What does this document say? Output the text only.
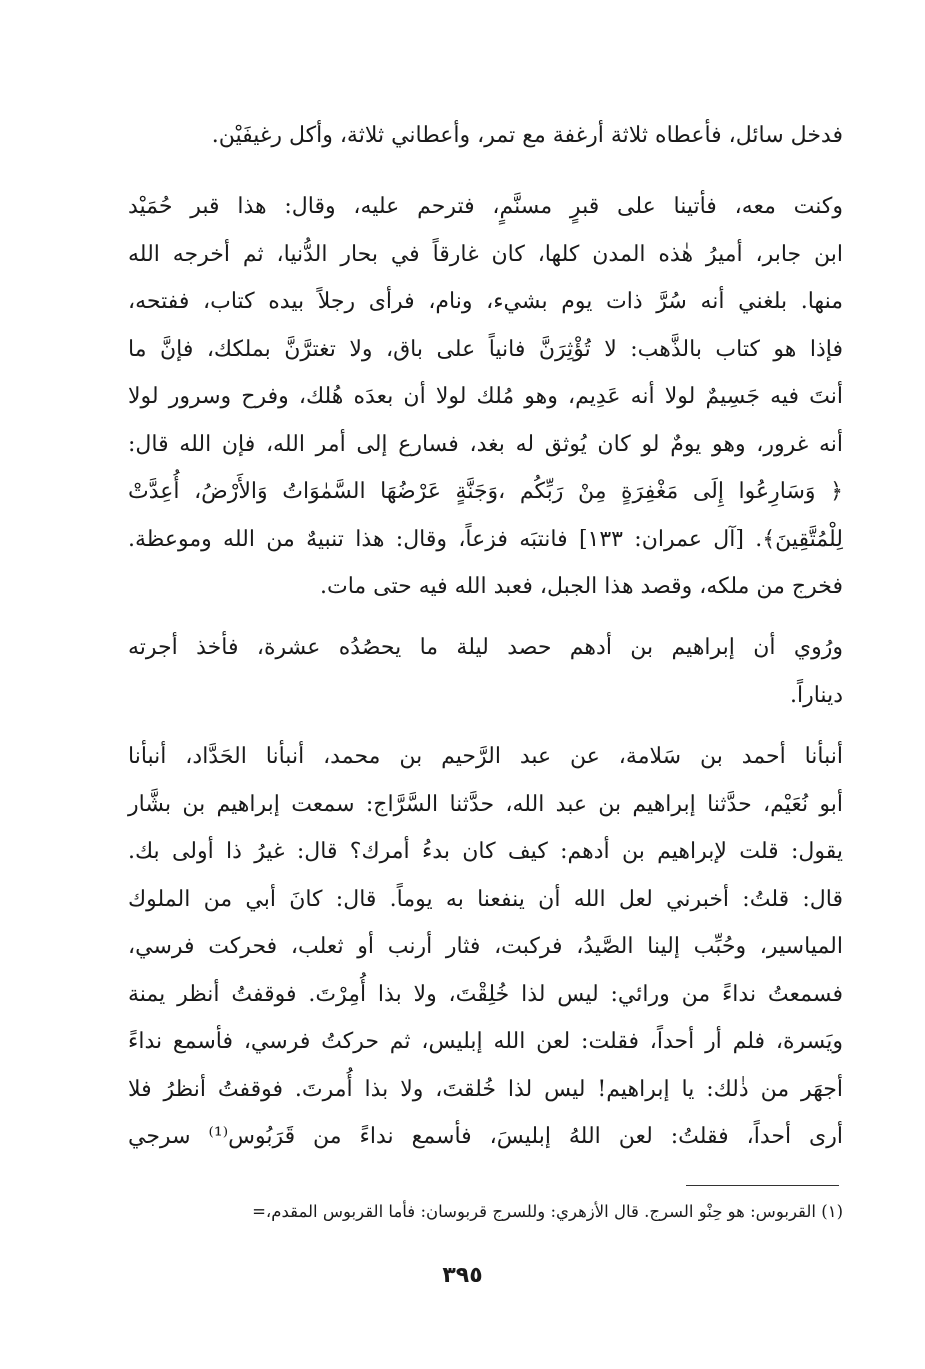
فدخل سائل، فأعطاه ثلاثة أرغفة مع تمر، وأعطاني ثلاثة، وأكل رغيفَيْن.
وكنت معه، فأتينا على قبرٍ مسنَّمٍ، فترحم عليه، وقال: هذا قبر حُمَيْد
ابن جابر، أميرُ هٰذه المدن كلها، كان غارقاً في بحار الدُّنيا، ثم أخرجه الله
منها. بلغني أنه سُرَّ ذات يوم بشيء، ونام، فرأى رجلاً بيده كتاب، ففتحه،
فإذا هو كتاب بالذَّهب: لا تُؤْثِرَنَّ فانياً على باق، ولا تغترَّنَّ بملكك، فإنَّ ما
أنتَ فيه جَسِيمٌ لولا أنه عَدِيم، وهو مُلك لولا أن بعدَه هُلك، وفرح وسرور لولا
أنه غرور، وهو يومٌ لو كان يُوثق له بغد، فسارع إلى أمر الله، فإن الله قال:
﴿ وَسَارِعُوا إِلَى مَغْفِرَةٍ مِنْ رَبِّكُم ،وَجَنَّةٍ عَرْضُهَا السَّمٰوَاتُ وَالأَرْضُ، أُعِدَّتْ
لِلْمُتَّقِينَ﴾. [آل عمران: ١٣٣] فانتبَه فزعاً، وقال: هذا تنبيهٌ من الله وموعظة.
فخرج من ملكه، وقصد هذا الجبل، فعبد الله فيه حتى مات.
ورُوي أن إبراهيم بن أدهم حصد ليلة ما يحصُدُه عشرة، فأخذ أجرته
ديناراً.
أنبأنا أحمد بن سَلامة، عن عبد الرَّحيم بن محمد، أنبأنا الحَدَّاد، أنبأنا
أبو نُعَيْم، حدَّثنا إبراهيم بن عبد الله، حدَّثنا السَّرَّاج: سمعت إبراهيم بن بشَّار
يقول: قلت لإبراهيم بن أدهم: كيف كان بدءُ أمرك؟ قال: غيرُ ذا أولى بك.
قال: قلتُ: أخبرني لعل الله أن ينفعنا به يوماً. قال: كانَ أبي من الملوك
المياسير، وحُبِّب إلينا الصَّيدُ، فركبت، فثار أرنب أو ثعلب، فحركت فرسي،
فسمعتُ نداءً من ورائي: ليس لذا خُلِقْتَ، ولا بذا أُمِرْتَ. فوقفتُ أنظر يمنة
ويَسرة، فلم أر أحداً، فقلت: لعن الله إبليس، ثم حركتُ فرسي، فأسمع نداءً
أجهَر من ذٰلك: يا إبراهيم! ليس لذا خُلقتَ، ولا بذا أُمرتَ. فوقفتُ أنظرُ فلا
أرى أحداً، فقلتُ: لعن اللهُ إبليسَ، فأسمع نداءً من قَرَبُوس⁽¹⁾ سرجي
(١) القربوس: هو حِنْو السرج. قال الأزهري: وللسرج قربوسان: فأما القربوس المقدم،=
٣٩٥
